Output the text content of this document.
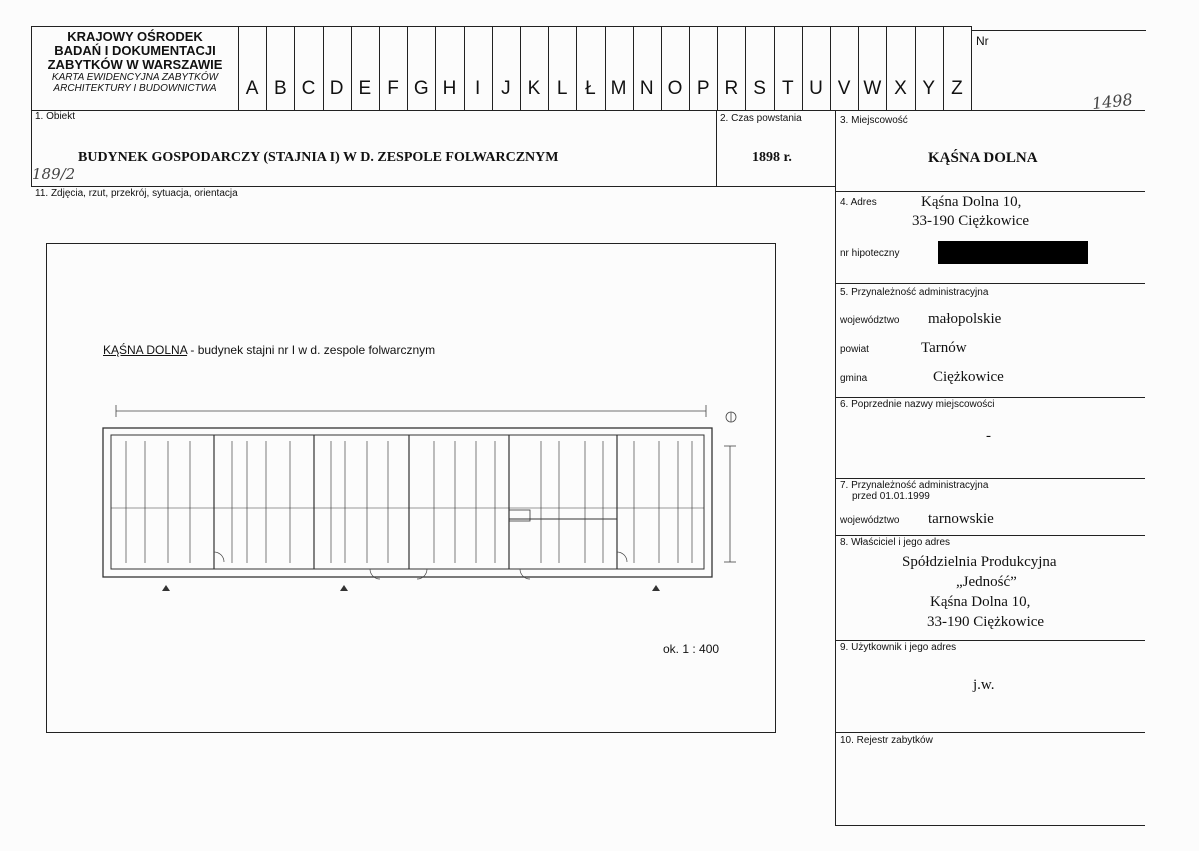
KRAJOWY OŚRODEK
BADAŃ I DOKUMENTACJI
ZABYTKÓW W WARSZAWIE
KARTA EWIDENCYJNA ZABYTKÓW
ARCHITEKTURY I BUDOWNICTWA	A B C D E F G H I	J K L Ł M N O P R S T U V W X Y Z
Nr
1498
1. Obiekt
BUDYNEK GOSPODARCZY (STAJNIA I) W D. ZESPOLE FOLWARCZNYM
189/2
2. Czas powstania
1898 r.
3. Miejscowość
KĄŚNA DOLNA
4. Adres	Kąśna Dolna 10,
33-190 Ciężkowice
nr hipoteczny
5. Przynależność administracyjna
województwo małopolskie
powiat	Tarnów
gmina	Ciężkowice
6. Poprzednie nazwy miejscowości
-
7. Przynależność administracyjna
przed 01.01.1999
województwo tarnowskie
8. Właściciel i jego adres
Spółdzielnia Produkcyjna
„Jedność”
Kąśna Dolna 10,
33-190 Ciężkowice
9. Użytkownik i jego adres
j.w.
10. Rejestr zabytków
11. Zdjęcia, rzut, przekrój, sytuacja, orientacja
KĄŚNA DOLNA - budynek stajni nr I w d. zespole folwarcznym
ok. 1 : 400
